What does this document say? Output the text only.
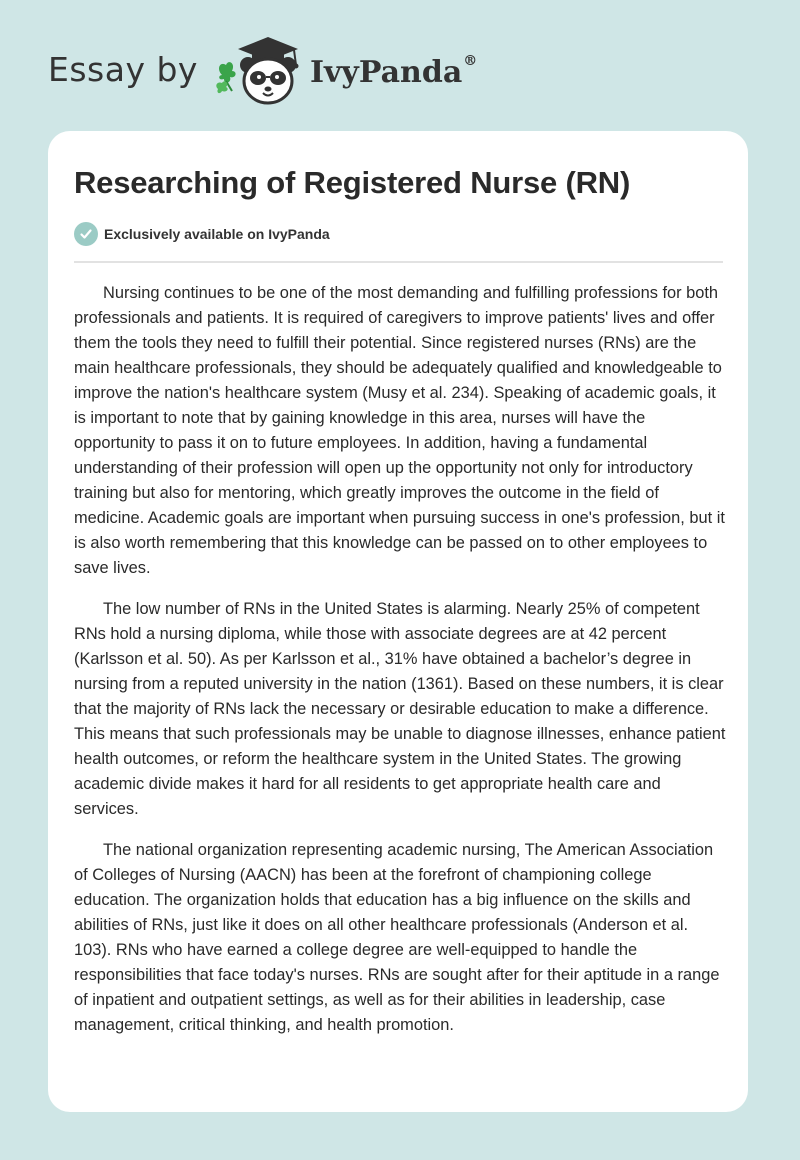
Essay by	IvyPanda®
Researching of Registered Nurse (RN)
Exclusively available on IvyPanda

Nursing continues to be one of the most demanding and fulfilling professions for both professionals and patients. It is required of caregivers to improve patients' lives and offer them the tools they need to fulfill their potential. Since registered nurses (RNs) are the main healthcare professionals, they should be adequately qualified and knowledgeable to improve the nation's healthcare system (Musy et al. 234). Speaking of academic goals, it is important to note that by gaining knowledge in this area, nurses will have the opportunity to pass it on to future employees. In addition, having a fundamental understanding of their profession will open up the opportunity not only for introductory training but also for mentoring, which greatly improves the outcome in the field of medicine. Academic goals are important when pursuing success in one's profession, but it is also worth remembering that this knowledge can be passed on to other employees to save lives.

The low number of RNs in the United States is alarming. Nearly 25% of competent RNs hold a nursing diploma, while those with associate degrees are at 42 percent (Karlsson et al. 50). As per Karlsson et al., 31% have obtained a bachelor’s degree in nursing from a reputed university in the nation (1361). Based on these numbers, it is clear that the majority of RNs lack the necessary or desirable education to make a difference. This means that such professionals may be unable to diagnose illnesses, enhance patient health outcomes, or reform the healthcare system in the United States. The growing academic divide makes it hard for all residents to get appropriate health care and services.

The national organization representing academic nursing, The American Association of Colleges of Nursing (AACN) has been at the forefront of championing college education. The organization holds that education has a big influence on the skills and abilities of RNs, just like it does on all other healthcare professionals (Anderson et al. 103). RNs who have earned a college degree are well-equipped to handle the responsibilities that face today's nurses. RNs are sought after for their aptitude in a range of inpatient and outpatient settings, as well as for their abilities in leadership, case management, critical thinking, and health promotion.
